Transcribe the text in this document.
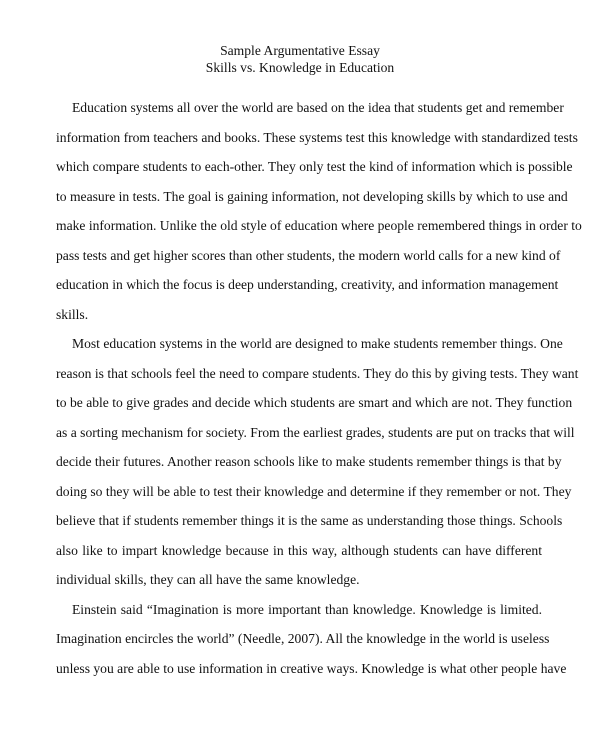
Sample Argumentative Essay
Skills vs. Knowledge in Education
Education systems all over the world are based on the idea that students get and remember
information from teachers and books. These systems test this knowledge with standardized tests
which compare students to each-other. They only test the kind of information which is possible
to measure in tests. The goal is gaining information, not developing skills by which to use and
make information. Unlike the old style of education where people remembered things in order to
pass tests and get higher scores than other students, the modern world calls for a new kind of
education in which the focus is deep understanding, creativity, and information management
skills.
Most education systems in the world are designed to make students remember things. One
reason is that schools feel the need to compare students. They do this by giving tests. They want
to be able to give grades and decide which students are smart and which are not. They function
as a sorting mechanism for society. From the earliest grades, students are put on tracks that will
decide their futures. Another reason schools like to make students remember things is that by
doing so they will be able to test their knowledge and determine if they remember or not. They
believe that if students remember things it is the same as understanding those things. Schools
also like to impart knowledge because in this way, although students can have different
individual skills, they can all have the same knowledge.
Einstein said “Imagination is more important than knowledge. Knowledge is limited.
Imagination encircles the world” (Needle, 2007). All the knowledge in the world is useless
unless you are able to use information in creative ways. Knowledge is what other people have
